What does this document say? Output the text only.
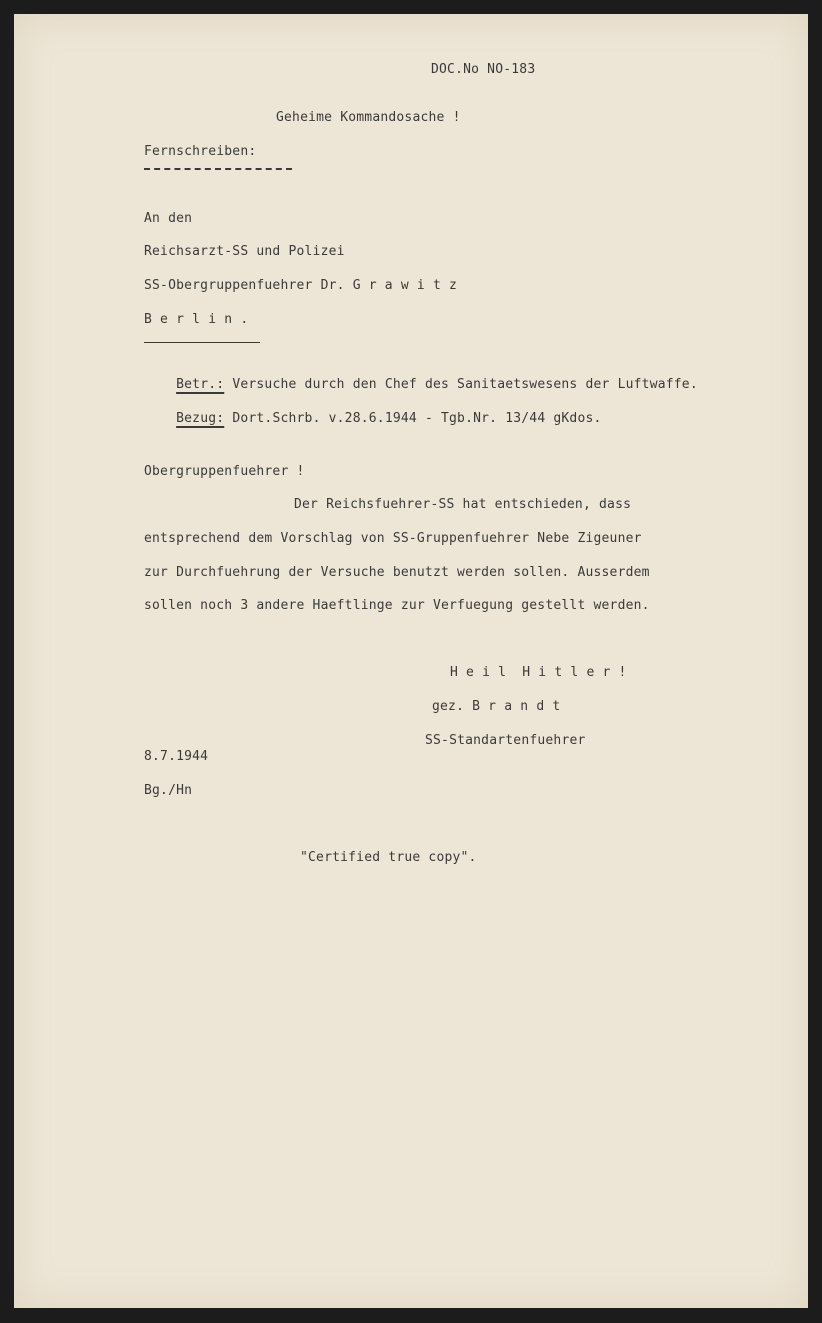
DOC.No NO-183
Geheime Kommandosache !
Fernschreiben:
An den
Reichsarzt-SS und Polizei
SS-Obergruppenfuehrer Dr. G r a w i t z
B e r l i n .

Betr.: Versuche durch den Chef des Sanitaetswesens der Luftwaffe.

Bezug: Dort.Schrb. v.28.6.1944 - Tgb.Nr. 13/44 gKdos.

Obergruppenfuehrer !
Der Reichsfuehrer-SS hat entschieden, dass
entsprechend dem Vorschlag von SS-Gruppenfuehrer Nebe Zigeuner
zur Durchfuehrung der Versuche benutzt werden sollen. Ausserdem
sollen noch 3 andere Haeftlinge zur Verfuegung gestellt werden.
H e i l  H i t l e r !
gez. B r a n d t
SS-Standartenfuehrer
8.7.1944
Bg./Hn
"Certified true copy".
